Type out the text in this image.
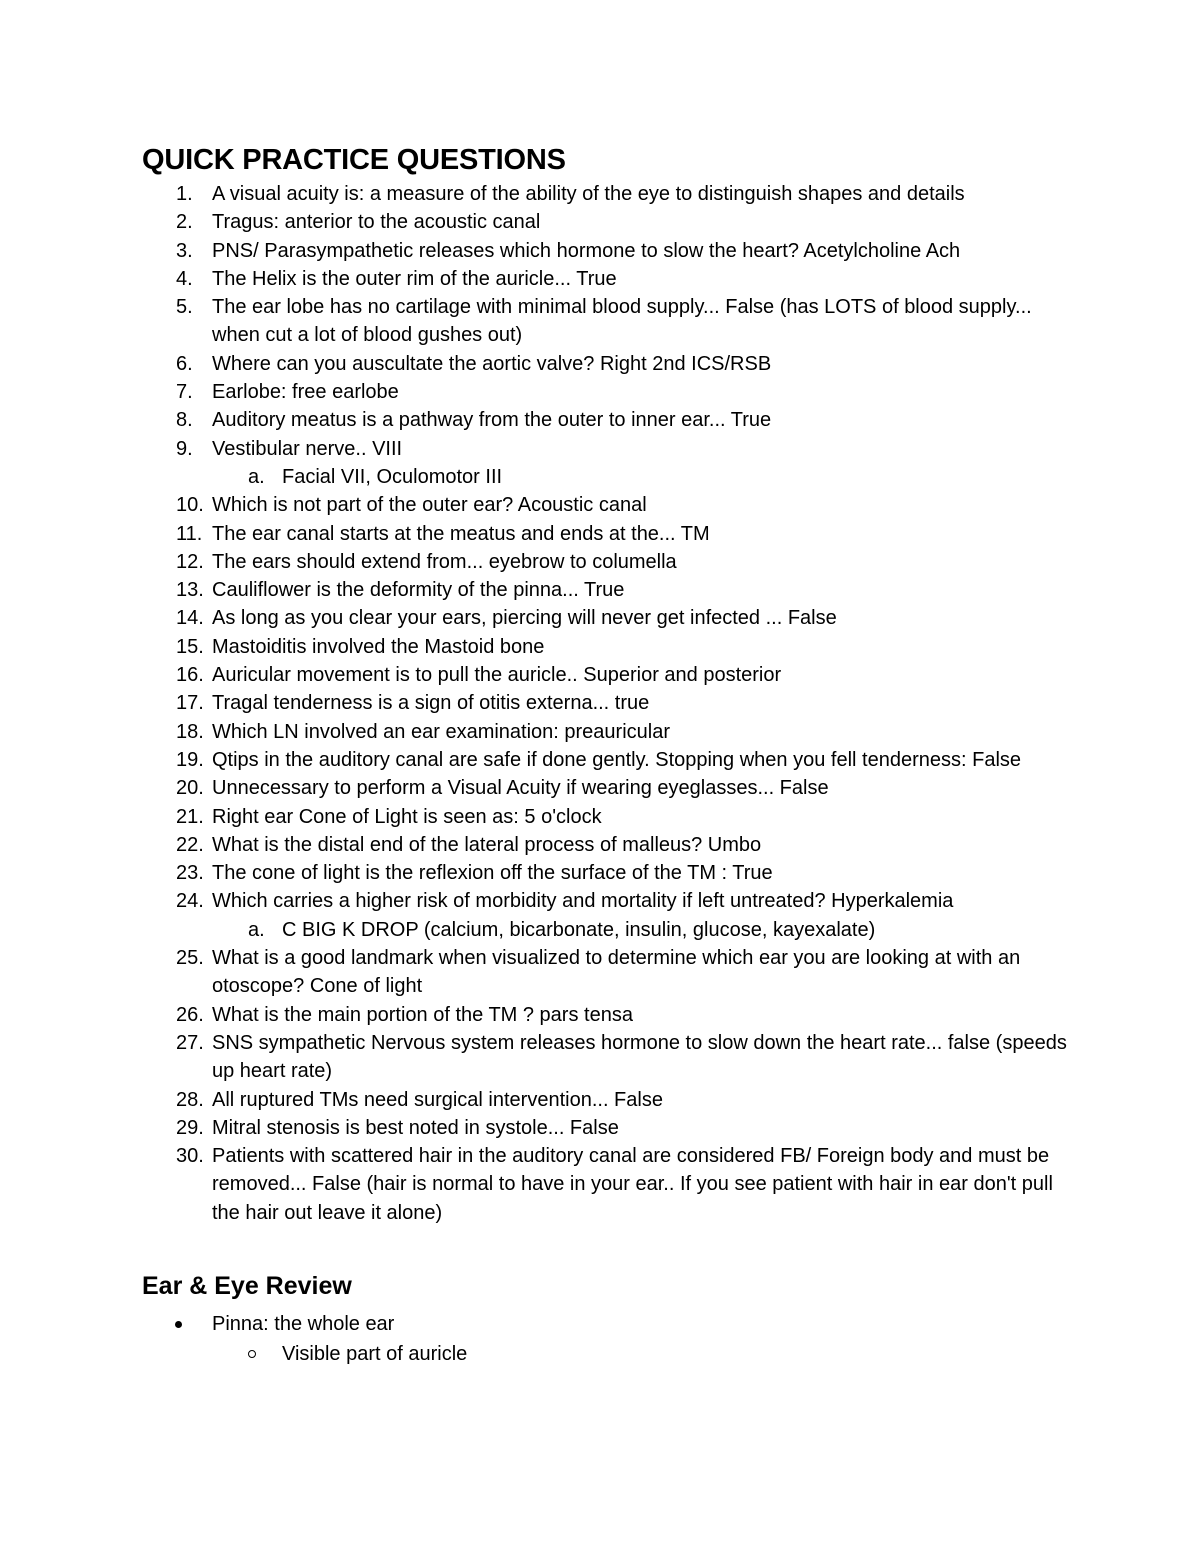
QUICK PRACTICE QUESTIONS
1. A visual acuity is: a measure of the ability of the eye to distinguish shapes and details
2. Tragus: anterior to the acoustic canal
3. PNS/ Parasympathetic releases which hormone to slow the heart? Acetylcholine Ach
4. The Helix is the outer rim of the auricle... True
5. The ear lobe has no cartilage with minimal blood supply... False (has LOTS of blood supply... when cut a lot of blood gushes out)
6. Where can you auscultate the aortic valve? Right 2nd ICS/RSB
7. Earlobe: free earlobe
8. Auditory meatus is a pathway from the outer to inner ear... True
9. Vestibular nerve.. VIII
a. Facial VII, Oculomotor III
10. Which is not part of the outer ear? Acoustic canal
11. The ear canal starts at the meatus and ends at the... TM
12. The ears should extend from... eyebrow to columella
13. Cauliflower is the deformity of the pinna... True
14. As long as you clear your ears, piercing will never get infected ... False
15. Mastoiditis involved the Mastoid bone
16. Auricular movement is to pull the auricle.. Superior and posterior
17. Tragal tenderness is a sign of otitis externa... true
18. Which LN involved an ear examination: preauricular
19. Qtips in the auditory canal are safe if done gently. Stopping when you fell tenderness: False
20. Unnecessary to perform a Visual Acuity if wearing eyeglasses... False
21. Right ear Cone of Light is seen as: 5 o'clock
22. What is the distal end of the lateral process of malleus? Umbo
23. The cone of light is the reflexion off the surface of the TM : True
24. Which carries a higher risk of morbidity and mortality if left untreated? Hyperkalemia
a. C BIG K DROP (calcium, bicarbonate, insulin, glucose, kayexalate)
25. What is a good landmark when visualized to determine which ear you are looking at with an otoscope? Cone of light
26. What is the main portion of the TM ? pars tensa
27. SNS sympathetic Nervous system releases hormone to slow down the heart rate... false (speeds up heart rate)
28. All ruptured TMs need surgical intervention... False
29. Mitral stenosis is best noted in systole... False
30. Patients with scattered hair in the auditory canal are considered FB/ Foreign body and must be removed... False (hair is normal to have in your ear.. If you see patient with hair in ear don't pull the hair out leave it alone)
Ear & Eye Review
Pinna: the whole ear
Visible part of auricle
